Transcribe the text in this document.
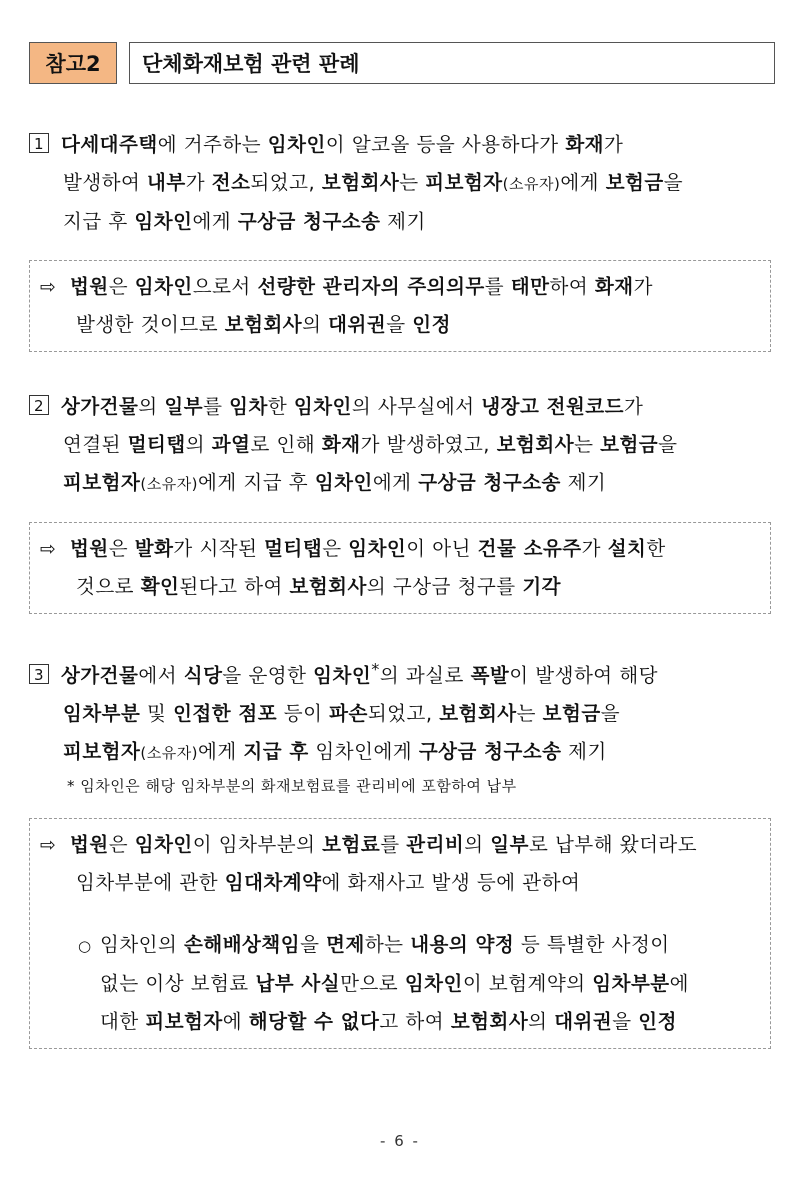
참고2	단체화재보험 관련 판례
1 다세대주택에 거주하는 임차인이 알코올 등을 사용하다가 화재가
발생하여 내부가 전소되었고, 보험회사는 피보험자(소유자)에게 보험금을
지급 후 임차인에게 구상금 청구소송 제기
⇨ 법원은 임차인으로서 선량한 관리자의 주의의무를 태만하여 화재가
발생한 것이므로 보험회사의 대위권을 인정
2 상가건물의 일부를 임차한 임차인의 사무실에서 냉장고 전원코드가
연결된 멀티탭의 과열로 인해 화재가 발생하였고, 보험회사는 보험금을
피보험자(소유자)에게 지급 후 임차인에게 구상금 청구소송 제기
⇨ 법원은 발화가 시작된 멀티탭은 임차인이 아닌 건물 소유주가 설치한
것으로 확인된다고 하여 보험회사의 구상금 청구를 기각
3 상가건물에서 식당을 운영한 임차인*의 과실로 폭발이 발생하여 해당
임차부분 및 인접한 점포 등이 파손되었고, 보험회사는 보험금을
피보험자(소유자)에게 지급 후 임차인에게 구상금 청구소송 제기
* 임차인은 해당 임차부분의 화재보험료를 관리비에 포함하여 납부
⇨ 법원은 임차인이 임차부분의 보험료를 관리비의 일부로 납부해 왔더라도
임차부분에 관한 임대차계약에 화재사고 발생 등에 관하여
○ 임차인의 손해배상책임을 면제하는 내용의 약정 등 특별한 사정이
없는 이상 보험료 납부 사실만으로 임차인이 보험계약의 임차부분에
대한 피보험자에 해당할 수 없다고 하여 보험회사의 대위권을 인정
- 6 -
